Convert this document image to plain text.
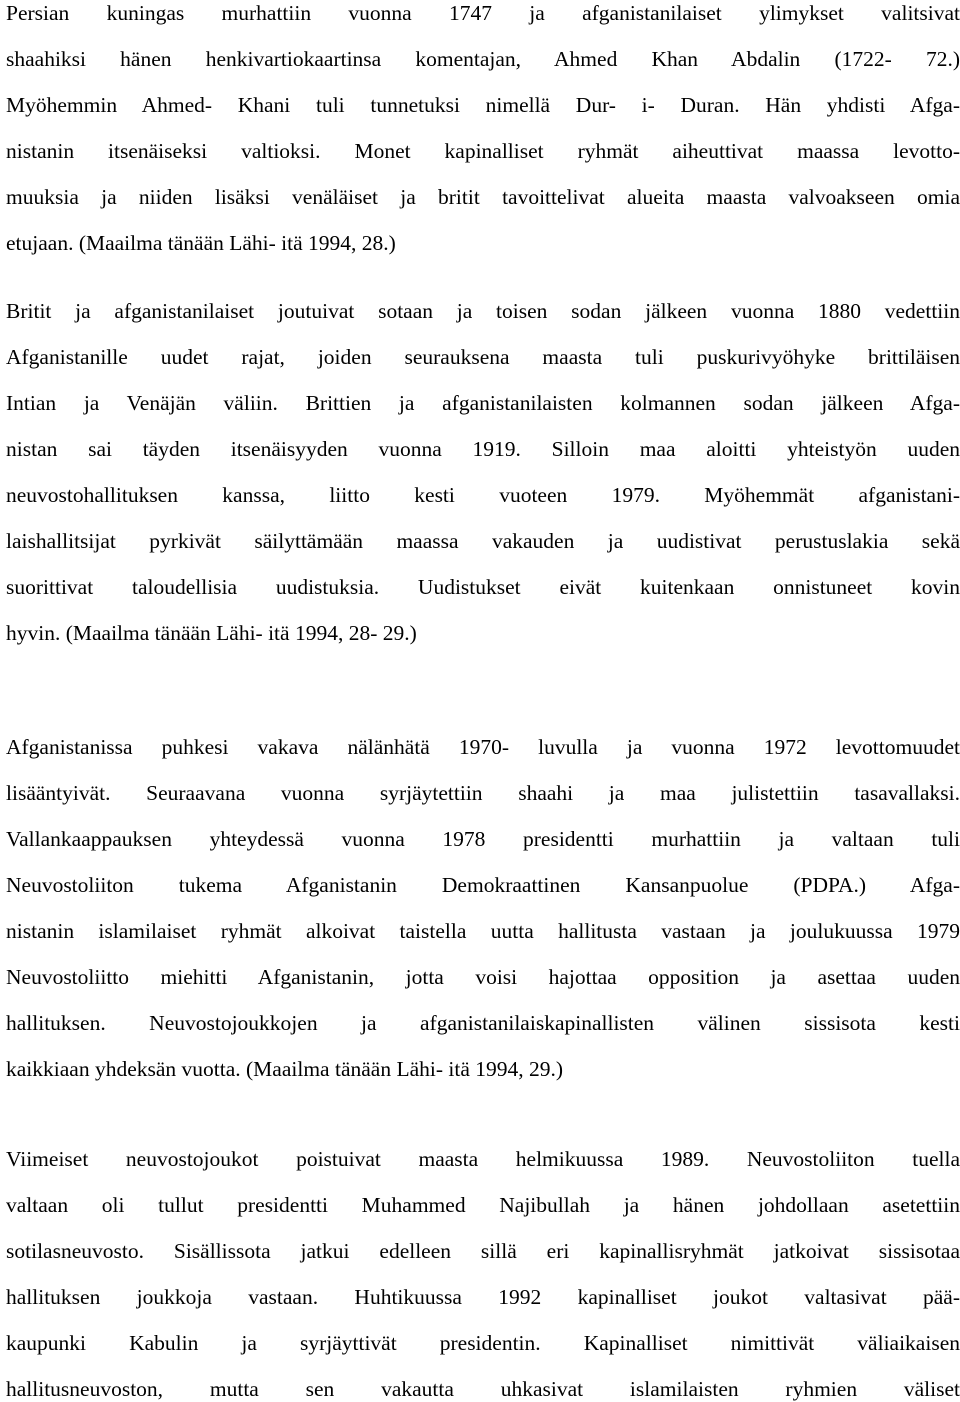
Persian kuningas murhattiin vuonna 1747 ja afganistanilaiset ylimykset valitsivat
shaahiksi hänen henkivartiokaartinsa komentajan, Ahmed Khan Abdalin (1722- 72.)
Myöhemmin Ahmed- Khani tuli tunnetuksi nimellä Dur- i- Duran. Hän yhdisti Afga-
nistanin itsenäiseksi valtioksi. Monet kapinalliset ryhmät aiheuttivat maassa levotto-
muuksia ja niiden lisäksi venäläiset ja britit tavoittelivat alueita maasta valvoakseen omia
etujaan. (Maailma tänään Lähi- itä 1994, 28.)
Britit ja afganistanilaiset joutuivat sotaan ja toisen sodan jälkeen vuonna 1880 vedettiin
Afganistanille uudet rajat, joiden seurauksena maasta tuli puskurivyöhyke brittiläisen
Intian ja Venäjän väliin. Brittien ja afganistanilaisten kolmannen sodan jälkeen Afga-
nistan sai täyden itsenäisyyden vuonna 1919. Silloin maa aloitti yhteistyön uuden
neuvostohallituksen kanssa, liitto kesti vuoteen 1979. Myöhemmät afganistani-
laishallitsijat pyrkivät säilyttämään maassa vakauden ja uudistivat perustuslakia sekä
suorittivat taloudellisia uudistuksia. Uudistukset eivät kuitenkaan onnistuneet kovin
hyvin. (Maailma tänään Lähi- itä 1994, 28- 29.)
Afganistanissa puhkesi vakava nälänhätä 1970- luvulla ja vuonna 1972 levottomuudet
lisääntyivät. Seuraavana vuonna syrjäytettiin shaahi ja maa julistettiin tasavallaksi.
Vallankaappauksen yhteydessä vuonna 1978 presidentti murhattiin ja valtaan tuli
Neuvostoliiton tukema Afganistanin Demokraattinen Kansanpuolue (PDPA.) Afga-
nistanin islamilaiset ryhmät alkoivat taistella uutta hallitusta vastaan ja joulukuussa 1979
Neuvostoliitto miehitti Afganistanin, jotta voisi hajottaa opposition ja asettaa uuden
hallituksen. Neuvostojoukkojen ja afganistanilaiskapinallisten välinen sissisota kesti
kaikkiaan yhdeksän vuotta. (Maailma tänään Lähi- itä 1994, 29.)
Viimeiset neuvostojoukot poistuivat maasta helmikuussa 1989. Neuvostoliiton tuella
valtaan oli tullut presidentti Muhammed Najibullah ja hänen johdollaan asetettiin
sotilasneuvosto. Sisällissota jatkui edelleen sillä eri kapinallisryhmät jatkoivat sissisotaa
hallituksen joukkoja vastaan. Huhtikuussa 1992 kapinalliset joukot valtasivat pää-
kaupunki Kabulin ja syrjäyttivät presidentin. Kapinalliset nimittivät väliaikaisen
hallitusneuvoston, mutta sen vakautta uhkasivat islamilaisten ryhmien väliset
